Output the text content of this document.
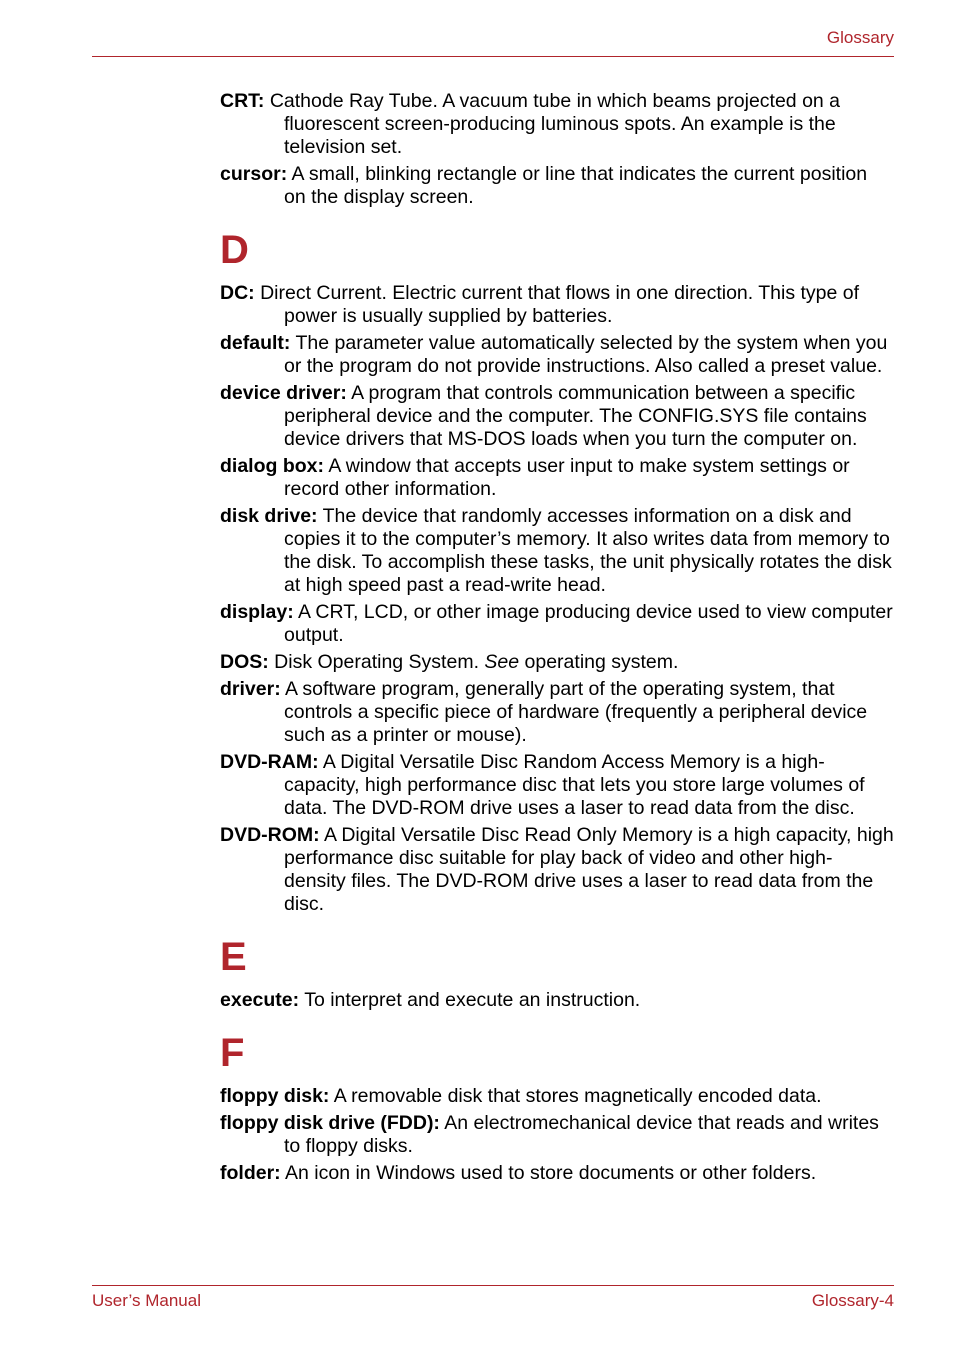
Glossary
CRT: Cathode Ray Tube. A vacuum tube in which beams projected on a fluorescent screen-producing luminous spots. An example is the television set.
cursor: A small, blinking rectangle or line that indicates the current position on the display screen.
D
DC: Direct Current. Electric current that flows in one direction. This type of power is usually supplied by batteries.
default: The parameter value automatically selected by the system when you or the program do not provide instructions. Also called a preset value.
device driver: A program that controls communication between a specific peripheral device and the computer. The CONFIG.SYS file contains device drivers that MS-DOS loads when you turn the computer on.
dialog box: A window that accepts user input to make system settings or record other information.
disk drive: The device that randomly accesses information on a disk and copies it to the computer’s memory. It also writes data from memory to the disk. To accomplish these tasks, the unit physically rotates the disk at high speed past a read-write head.
display: A CRT, LCD, or other image producing device used to view computer output.
DOS: Disk Operating System. See operating system.
driver: A software program, generally part of the operating system, that controls a specific piece of hardware (frequently a peripheral device such as a printer or mouse).
DVD-RAM: A Digital Versatile Disc Random Access Memory is a high-capacity, high performance disc that lets you store large volumes of data. The DVD-ROM drive uses a laser to read data from the disc.
DVD-ROM: A Digital Versatile Disc Read Only Memory is a high capacity, high performance disc suitable for play back of video and other high-density files. The DVD-ROM drive uses a laser to read data from the disc.
E
execute: To interpret and execute an instruction.
F
floppy disk: A removable disk that stores magnetically encoded data.
floppy disk drive (FDD): An electromechanical device that reads and writes to floppy disks.
folder: An icon in Windows used to store documents or other folders.
User’s Manual	Glossary-4
